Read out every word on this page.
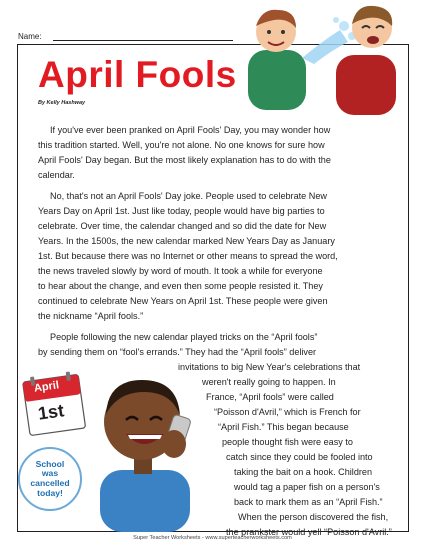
Name:
April Fools
By Kelly Hashway

If you've ever been pranked on April Fools' Day, you may wonder how

this tradition started. Well, you're not alone. No one knows for sure how

April Fools' Day began. But the most likely explanation has to do with the

calendar.

No, that's not an April Fools' Day joke. People used to celebrate New

Years Day on April 1st. Just like today, people would have big parties to

celebrate. Over time, the calendar changed and so did the date for New

Years. In the 1500s, the new calendar marked New Years Day as January

1st. But because there was no Internet or other means to spread the word,

the news traveled slowly by word of mouth. It took a while for everyone

to hear about the change, and even then some people resisted it. They

continued to celebrate New Years on April 1st. These people were given

the nickname “April fools.”

People following the new calendar played tricks on the “April fools”

by sending them on “fool's errands.” They had the “April fools” deliver

invitations to big New Year's celebrations that

weren't really going to happen. In

France, “April fools” were called

“Poisson d'Avril,” which is French for

“April Fish.” This began because

people thought fish were easy to

catch since they could be fooled into

taking the bait on a hook. Children

would tag a paper fish on a person's

back to mark them as an “April Fish.”

When the person discovered the fish,

the prankster would yell “Poisson d'Avril.”

April
1st
School
was
cancelled
today!
Super Teacher Worksheets - www.superteacherworksheets.com
